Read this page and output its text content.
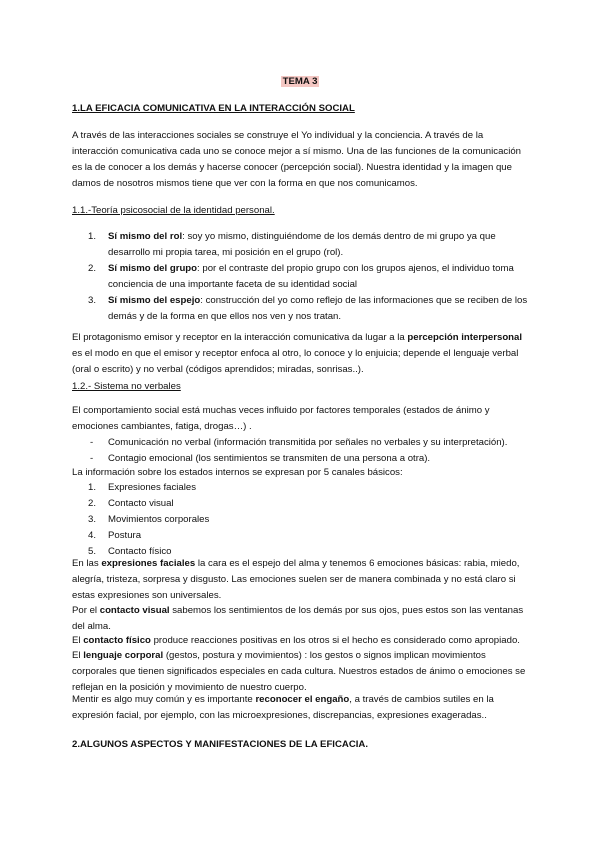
TEMA 3
1.LA EFICACIA COMUNICATIVA EN LA INTERACCIÓN SOCIAL

A través de las interacciones sociales se construye el Yo individual y la conciencia. A través de la interacción comunicativa cada uno se conoce mejor a sí mismo. Una de las funciones de la comunicación es la de conocer a los demás y hacerse conocer (percepción social). Nuestra identidad y la imagen que damos de nosotros mismos tiene que ver con la forma en que nos comunicamos.

1.1.-Teoría psicosocial de la identidad personal.
1.	Sí mismo del rol: soy yo mismo, distinguiéndome de los demás dentro de mi grupo ya que desarrollo mi propia tarea, mi posición en el grupo (rol).
2.	Sí mismo del grupo: por el contraste del propio grupo con los grupos ajenos, el individuo toma conciencia de una importante faceta de su identidad social
3.	Sí mismo del espejo: construcción del yo como reflejo de las informaciones que se reciben de los demás y de la forma en que ellos nos ven y nos tratan.

El protagonismo emisor y receptor en la interacción comunicativa da lugar a la percepción interpersonal es el modo en que el emisor y receptor enfoca al otro, lo conoce y lo enjuicia; depende el lenguaje verbal (oral o escrito) y no verbal (códigos aprendidos; miradas, sonrisas..).

1.2.- Sistema no verbales

El comportamiento social está muchas veces influido por factores temporales (estados de ánimo y emociones cambiantes, fatiga, drogas…) .

-	Comunicación no verbal (información transmitida por señales no verbales y su interpretación).
-	Contagio emocional (los sentimientos se transmiten de una persona a otra).

La información sobre los estados internos se expresan por 5 canales básicos:

1.	Expresiones faciales
2.	Contacto visual
3.	Movimientos corporales
4.	Postura
5.	Contacto físico

En las expresiones faciales la cara es el espejo del alma y tenemos 6 emociones básicas: rabia, miedo, alegría, tristeza, sorpresa y disgusto. Las emociones suelen ser de manera combinada y no está claro si estas expresiones son universales.

Por el contacto visual sabemos los sentimientos de los demás por sus ojos, pues estos son las ventanas del alma.

El contacto físico produce reacciones positivas en los otros si el hecho es considerado como apropiado.

El lenguaje corporal (gestos, postura y movimientos) : los gestos o signos implican movimientos corporales que tienen significados especiales en cada cultura. Nuestros estados de ánimo o emociones se reflejan en la posición y movimiento de nuestro cuerpo.

Mentir es algo muy común y es importante reconocer el engaño, a través de cambios sutiles en la expresión facial, por ejemplo, con las microexpresiones, discrepancias, expresiones exageradas..

2.ALGUNOS ASPECTOS Y MANIFESTACIONES DE LA EFICACIA.
